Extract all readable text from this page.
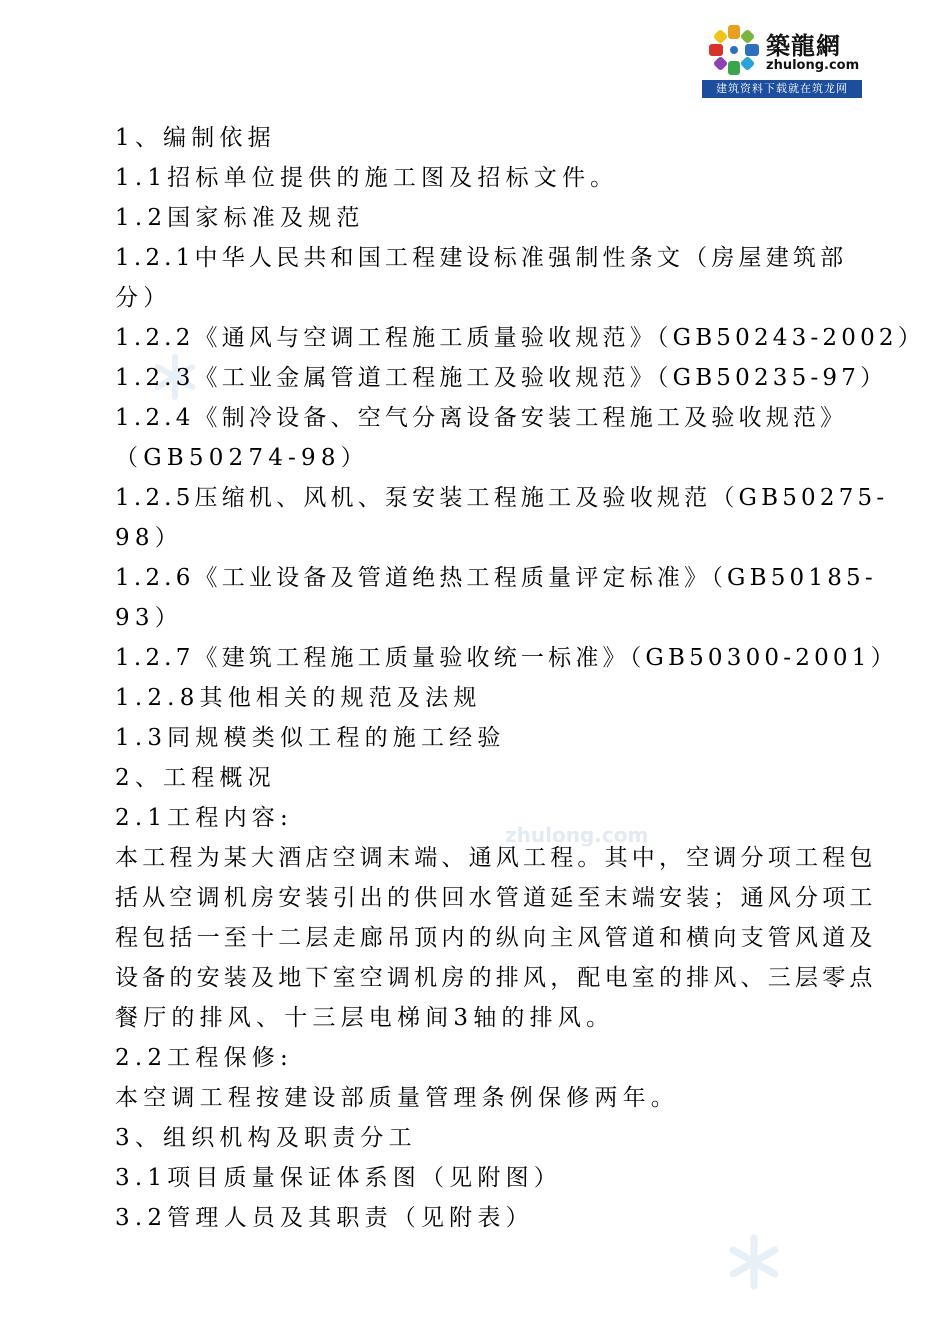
zhulong.com
築龍網
zhulong.com
建筑资料下载就在筑龙网
1、编制依据
1.1招标单位提供的施工图及招标文件。
1.2国家标准及规范
1.2.1中华人民共和国工程建设标准强制性条文（房屋建筑部
分）
1.2.2《通风与空调工程施工质量验收规范》（GB50243-2002）
1.2.3《工业金属管道工程施工及验收规范》（GB50235-97）
1.2.4《制冷设备、空气分离设备安装工程施工及验收规范》
（GB50274-98）
1.2.5压缩机、风机、泵安装工程施工及验收规范（GB50275-
98）
1.2.6《工业设备及管道绝热工程质量评定标准》（GB50185-
93）
1.2.7《建筑工程施工质量验收统一标准》（GB50300-2001）
1.2.8其他相关的规范及法规
1.3同规模类似工程的施工经验
2、工程概况
2.1工程内容:
本工程为某大酒店空调末端、通风工程。其中，空调分项工程包
括从空调机房安装引出的供回水管道延至末端安装；通风分项工
程包括一至十二层走廊吊顶内的纵向主风管道和横向支管风道及
设备的安装及地下室空调机房的排风，配电室的排风、三层零点
餐厅的排风、十三层电梯间3轴的排风。
2.2工程保修:
本空调工程按建设部质量管理条例保修两年。
3、组织机构及职责分工
3.1项目质量保证体系图（见附图）
3.2管理人员及其职责（见附表）
